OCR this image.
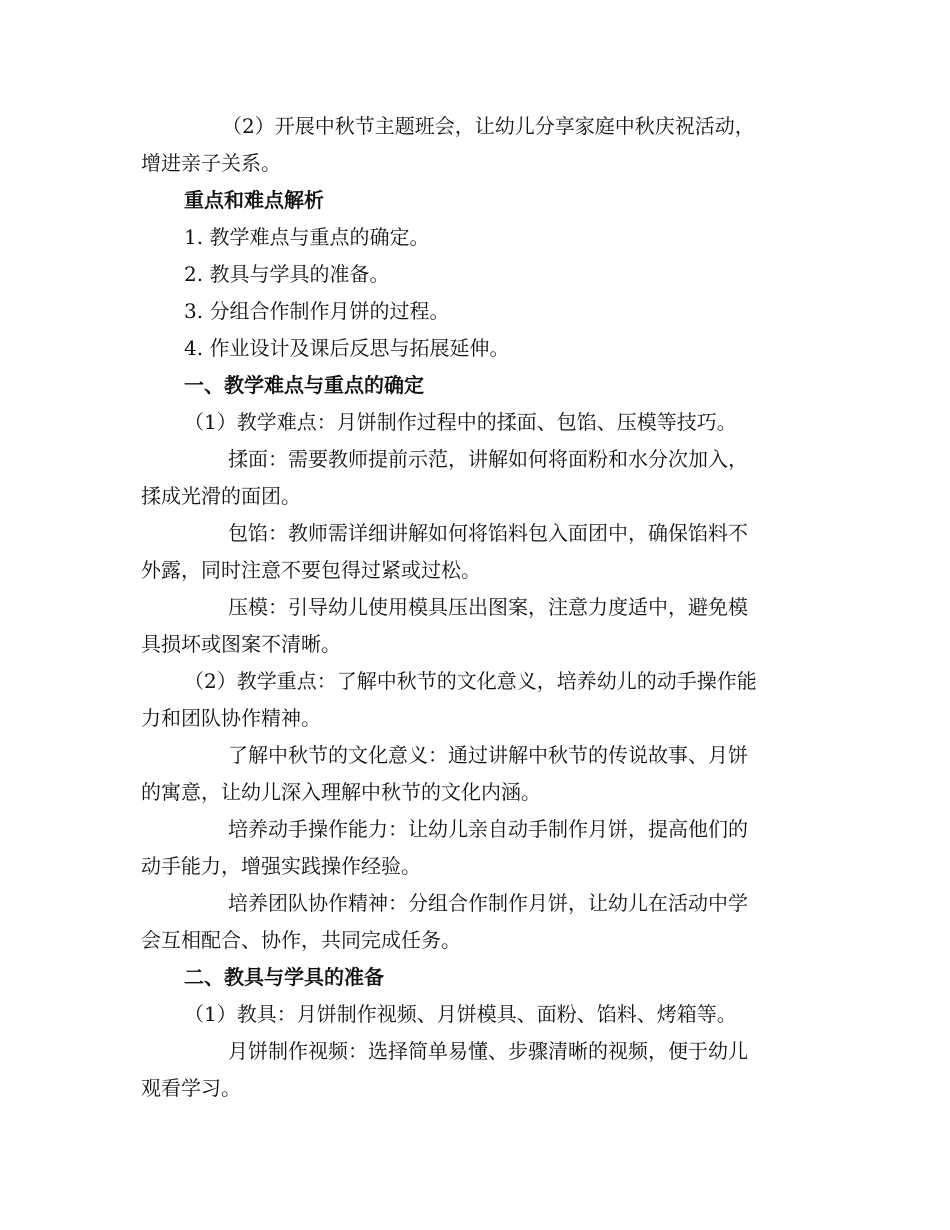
（2）开展中秋节主题班会，让幼儿分享家庭中秋庆祝活动，
增进亲子关系。
重点和难点解析
1. 教学难点与重点的确定。
2. 教具与学具的准备。
3. 分组合作制作月饼的过程。
4. 作业设计及课后反思与拓展延伸。
一、教学难点与重点的确定
（1）教学难点：月饼制作过程中的揉面、包馅、压模等技巧。
揉面：需要教师提前示范，讲解如何将面粉和水分次加入，
揉成光滑的面团。
包馅：教师需详细讲解如何将馅料包入面团中，确保馅料不
外露，同时注意不要包得过紧或过松。
压模：引导幼儿使用模具压出图案，注意力度适中，避免模
具损坏或图案不清晰。
（2）教学重点：了解中秋节的文化意义，培养幼儿的动手操作能
力和团队协作精神。
了解中秋节的文化意义：通过讲解中秋节的传说故事、月饼
的寓意，让幼儿深入理解中秋节的文化内涵。
培养动手操作能力：让幼儿亲自动手制作月饼，提高他们的
动手能力，增强实践操作经验。
培养团队协作精神：分组合作制作月饼，让幼儿在活动中学
会互相配合、协作，共同完成任务。
二、教具与学具的准备
（1）教具：月饼制作视频、月饼模具、面粉、馅料、烤箱等。
月饼制作视频：选择简单易懂、步骤清晰的视频，便于幼儿
观看学习。
